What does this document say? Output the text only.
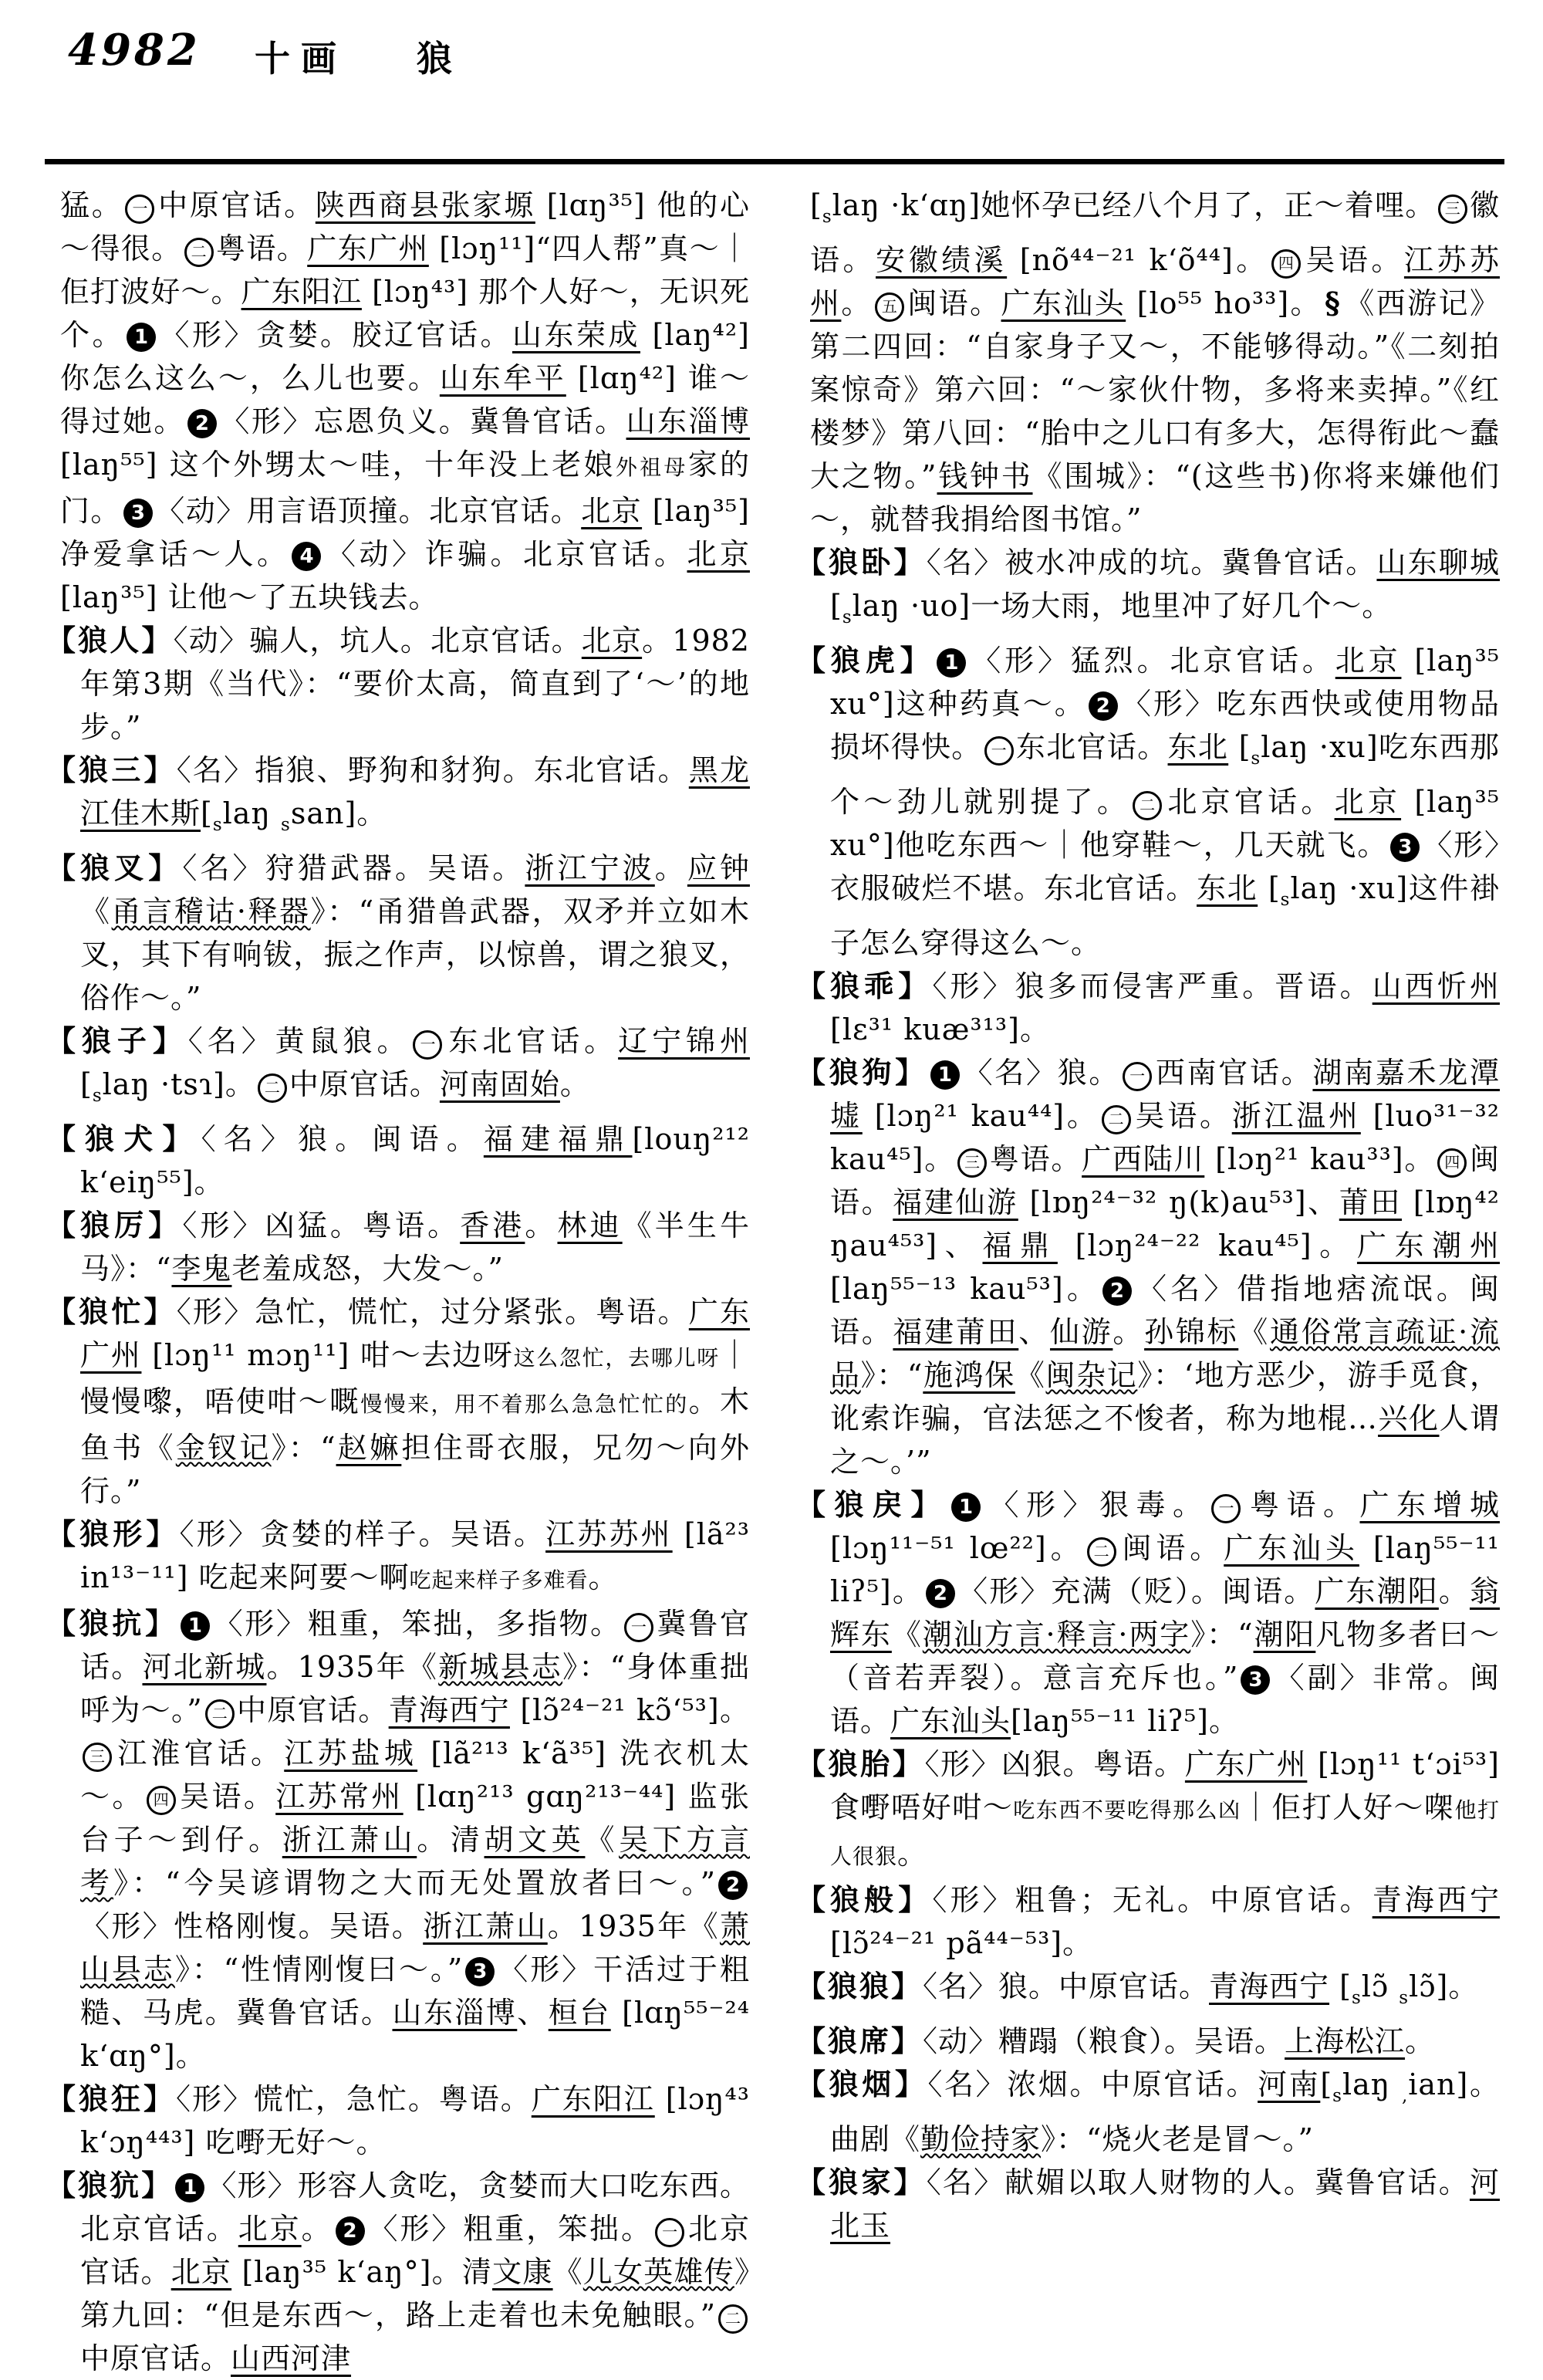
4982 十画 狼

猛。 一 中原官话。陕西商县张家塬 [lɑŋ³⁵] 他的心～得很。 二 粤语。广东广州 [lɔŋ¹¹]“四人帮”真～｜佢打波好～。广东阳江 [lɔŋ⁴³] 那个人好～，无识死个。 1 〈形〉贪婪。胶辽官话。山东荣成 [laŋ⁴²] 你怎么这么～，么儿也要。山东牟平 [lɑŋ⁴²] 谁～得过她。 2 〈形〉忘恩负义。冀鲁官话。山东淄博 [laŋ⁵⁵] 这个外甥太～哇，十年没上老娘外祖母家的门。 3 〈动〉用言语顶撞。北京官话。北京 [laŋ³⁵]净爱拿话～人。 4 〈动〉诈骗。北京官话。北京[laŋ³⁵] 让他～了五块钱去。

【狼人】〈动〉骗人，坑人。北京官话。北京。1982年第3期《当代》：“要价太高，简直到了‘～’的地步。”

【狼三】〈名〉指狼、野狗和豺狗。东北官话。黑龙江佳木斯[$_slaŋ$ $_s$san]。

【狼叉】〈名〉狩猎武器。吴语。浙江宁波。应钟《甬言稽诂·释器》：“甬猎兽武器，双矛并立如木叉，其下有响钹，振之作声，以惊兽，谓之狼叉，俗作～。”

【狼子】〈名〉黄鼠狼。 一 东北官话。辽宁锦州 [$_slaŋ$ ·tsɿ]。 二 中原官话。河南固始。

【狼犬】〈名〉狼。闽语。福建福鼎[louŋ²¹² kʻeiŋ⁵⁵]。

【狼厉】〈形〉凶猛。粤语。香港。林迪《半生牛马》：“李鬼老羞成怒，大发～。”

【狼忙】〈形〉急忙，慌忙，过分紧张。粤语。广东广州 [lɔŋ¹¹ mɔŋ¹¹] 咁～去边呀这么忽忙，去哪儿呀｜慢慢嚟，唔使咁～嘅慢慢来，用不着那么急急忙忙的。木鱼书《金钗记》：“赵嫲担住哥衣服，兄勿～向外行。”

【狼形】〈形〉贪婪的样子。吴语。江苏苏州 [lã²³ in¹³⁻¹¹] 吃起来阿要～啊吃起来样子多难看。

【狼抗】 1 〈形〉粗重，笨拙，多指物。 一 冀鲁官话。河北新城。1935年《新城县志》：“身体重拙呼为～。” 二 中原官话。青海西宁 [lɔ̃²⁴⁻²¹ kɔ̃ʻ⁵³]。三 江淮官话。江苏盐城 [lã²¹³ kʻã³⁵] 洗衣机太～。 四 吴语。江苏常州 [lɑŋ²¹³ gɑŋ²¹³⁻⁴⁴] 监张台子～到仔。浙江萧山。清胡文英《吴下方言考》：“今吴谚谓物之大而无处置放者曰～。” 2〈形〉性格刚愎。吴语。浙江萧山。1935年《萧山县志》：“性情刚愎曰～。” 3 〈形〉干活过于粗糙、马虎。冀鲁官话。山东淄博、桓台 [lɑŋ⁵⁵⁻²⁴ kʻɑŋ°]。

【狼狂】〈形〉慌忙，急忙。粤语。广东阳江 [lɔŋ⁴³ kʻɔŋ⁴⁴³] 吃嘢无好～。

【狼犺】 1 〈形〉形容人贪吃，贪婪而大口吃东西。北京官话。北京。 2 〈形〉粗重，笨拙。 一 北京官话。北京 [laŋ³⁵ kʻaŋ°]。清文康《儿女英雄传》第九回：“但是东西～，路上走着也未免触眼。” 二中原官话。山西河津

[$_slaŋ$ ·kʻɑŋ]她怀孕已经八个月了，正～着哩。 三 徽语。安徽绩溪 [nõ⁴⁴⁻²¹ kʻõ⁴⁴]。 四 吴语。江苏苏州。 五 闽语。广东汕头 [lo⁵⁵ ho³³]。 § 《西游记》第二四回：“自家身子又～，不能够得动。”《二刻拍案惊奇》第六回：“～家伙什物，多将来卖掉。”《红楼梦》第八回：“胎中之儿口有多大，怎得衔此～蠢大之物。”钱钟书《围城》：“(这些书)你将来嫌他们～，就替我捐给图书馆。”

【狼卧】〈名〉被水冲成的坑。冀鲁官话。山东聊城 $[_slaŋ \cdot uo]$一场大雨，地里冲了好几个～。

【狼虎】 1 〈形〉猛烈。北京官话。北京 [laŋ³⁵ xu°]这种药真～。 2 〈形〉吃东西快或使用物品损坏得快。 一 东北官话。东北 $[_slaŋ \cdot xu]$吃东西那个～劲儿就别提了。 二 北京官话。北京 [laŋ³⁵ xu°]他吃东西～｜他穿鞋～，几天就飞。 3 〈形〉衣服破烂不堪。东北官话。东北 $[_slaŋ \cdot xu]$这件褂子怎么穿得这么～。

【狼乖】〈形〉狼多而侵害严重。晋语。山西忻州 [lɛ³¹ kuæ³¹³]。

【狼狗】 1 〈名〉狼。 一 西南官话。湖南嘉禾龙潭墟 [lɔŋ²¹ kau⁴⁴]。 二 吴语。浙江温州 [luo³¹⁻³² kau⁴⁵]。 三 粤语。广西陆川 [lɔŋ²¹ kau³³]。 四 闽语。福建仙游 [lɒŋ²⁴⁻³² ŋ(k)au⁵³]、莆田 [lɒŋ⁴² ŋau⁴⁵³]、福鼎 [lɔŋ²⁴⁻²² kau⁴⁵]。广东潮州 [laŋ⁵⁵⁻¹³ kau⁵³]。 2 〈名〉借指地痞流氓。闽语。福建莆田、仙游。孙锦标《通俗常言疏证·流品》：“施鸿保《闽杂记》：‘地方恶少，游手觅食，讹索诈骗，官法惩之不悛者，称为地棍…兴化人谓之～。’”

【狼戻】 1 〈形〉狠毒。 一 粤语。广东增城 [lɔŋ¹¹⁻⁵¹ lœ²²]。 二 闽语。广东汕头 [laŋ⁵⁵⁻¹¹ liʔ⁵]。 2 〈形〉充满（贬）。闽语。广东潮阳。翁辉东《潮汕方言·释言·两字》：“潮阳凡物多者曰～（音若弄裂）。意言充斥也。” 3 〈副〉非常。闽语。广东汕头[laŋ⁵⁵⁻¹¹ liʔ⁵]。

【狼胎】〈形〉凶狠。粤语。广东广州 [lɔŋ¹¹ tʻɔi⁵³] 食嘢唔好咁～吃东西不要吃得那么凶｜佢打人好～㗎他打人很狠。

【狼般】〈形〉粗鲁；无礼。中原官话。青海西宁 [lɔ̃²⁴⁻²¹ pã⁴⁴⁻⁵³]。

【狼狼】〈名〉狼。中原官话。青海西宁 [$_slɔ̃$ $_s$lɔ̃]。

【狼席】〈动〉糟蹋（粮食）。吴语。上海松江。

【狼烟】〈名〉浓烟。中原官话。河南[$_slaŋ$ $_,$ian]。曲剧《勤俭持家》：“烧火老是冒～。”

【狼家】〈名〉献媚以取人财物的人。冀鲁官话。河北玉
